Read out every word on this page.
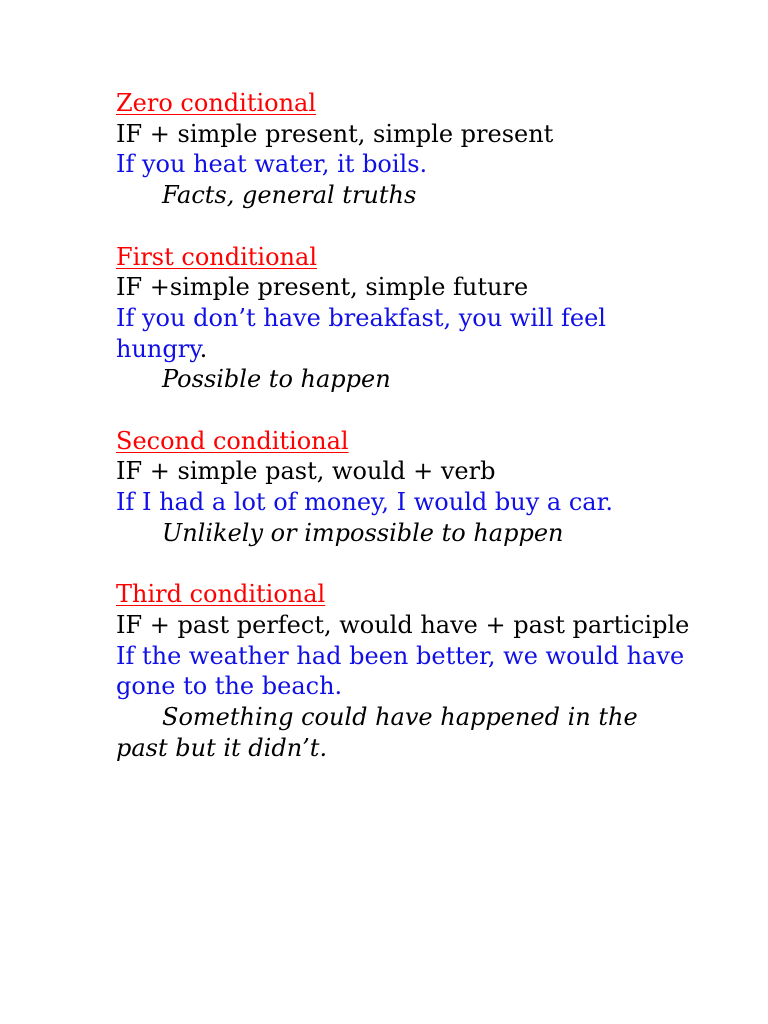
Zero conditional
IF + simple present, simple present
If you heat water, it boils.
Facts, general truths
First conditional
IF +simple present, simple future
If you don’t have breakfast, you will feel
hungry.
Possible to happen
Second conditional
IF + simple past, would + verb
If I had a lot of money, I would buy a car.
Unlikely or impossible to happen
Third conditional
IF + past perfect, would have + past participle
If the weather had been better, we would have
gone to the beach.
Something could have happened in the
past but it didn’t.
